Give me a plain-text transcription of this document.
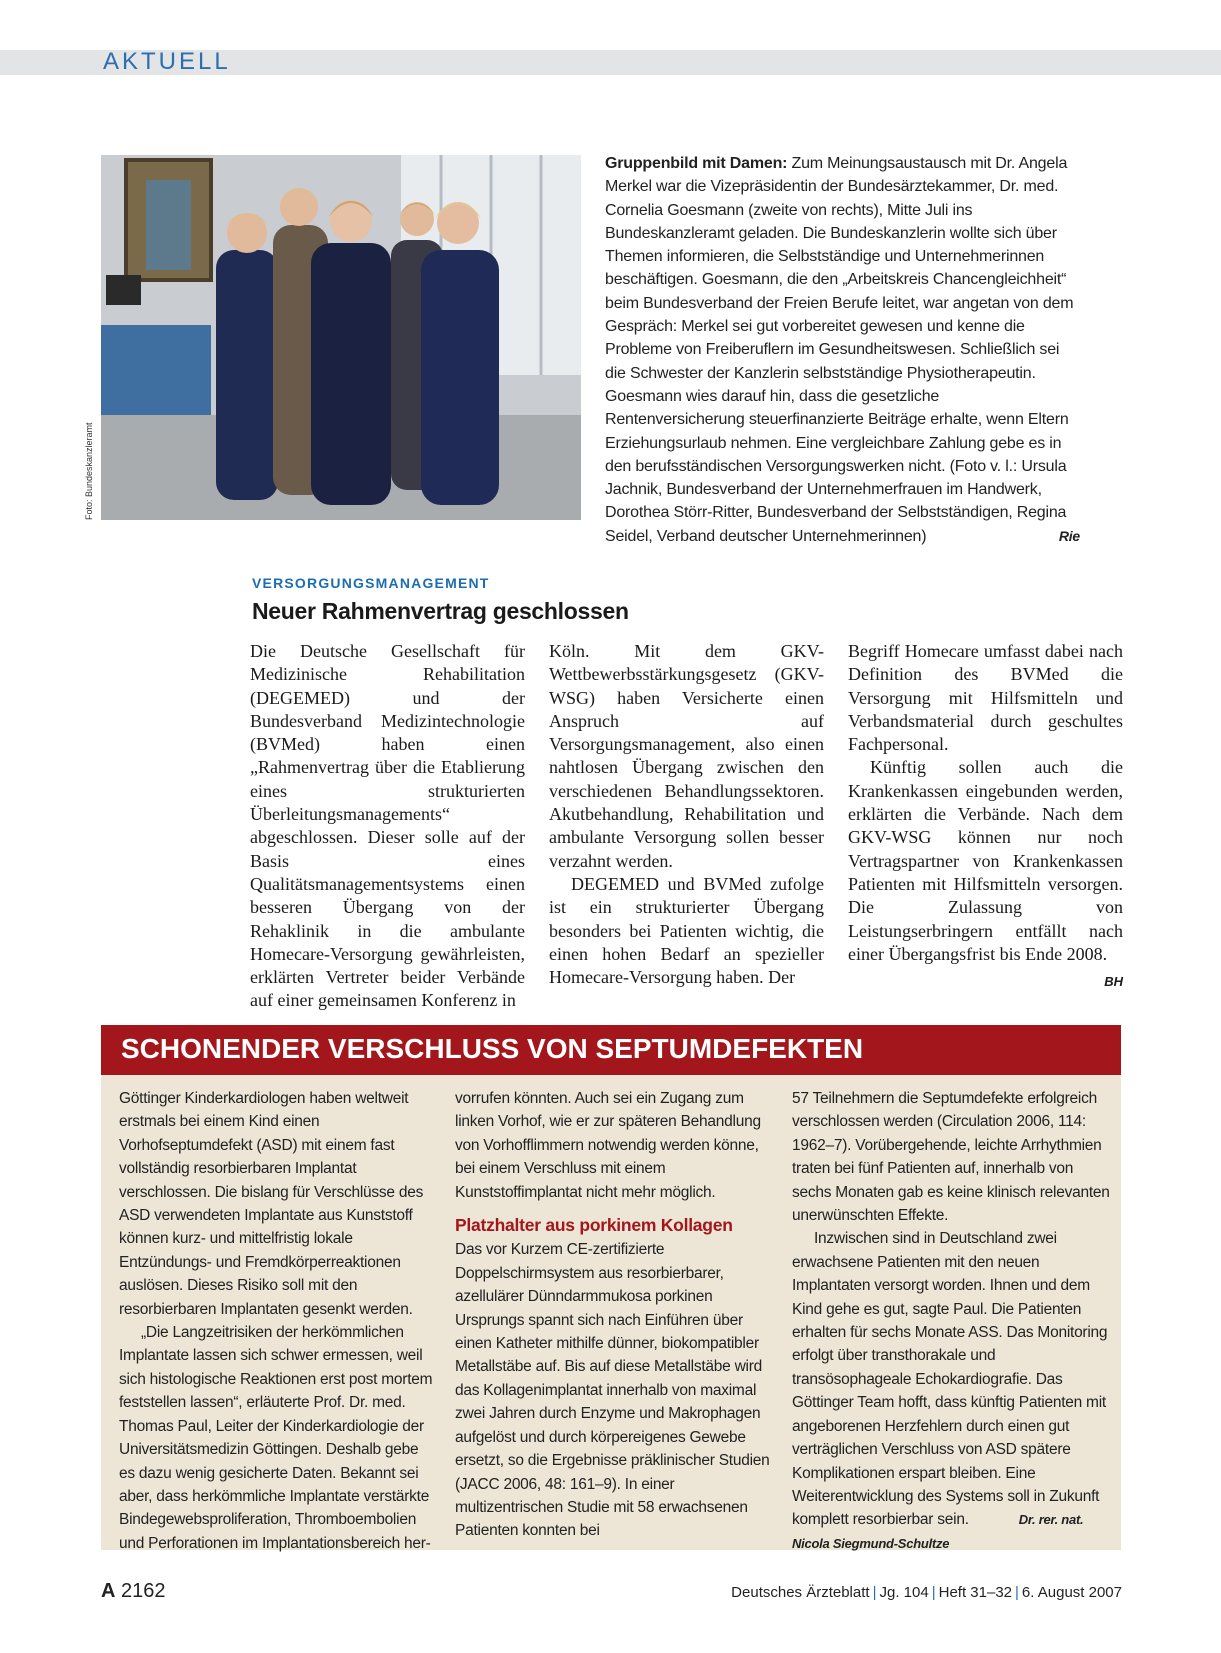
AKTUELL
Foto: Bundeskanzleramt
Gruppenbild mit Damen: Zum Meinungsaustausch mit Dr. Angela Merkel war die Vizepräsidentin der Bundesärztekammer, Dr. med. Cornelia Goesmann (zweite von rechts), Mitte Juli ins Bundeskanzleramt geladen. Die Bundeskanzlerin wollte sich über Themen informieren, die Selbstständige und Unternehmerinnen beschäftigen. Goesmann, die den „Arbeitskreis Chancengleichheit“ beim Bundesverband der Freien Berufe leitet, war angetan von dem Gespräch: Merkel sei gut vorbereitet gewesen und kenne die Probleme von Freiberuflern im Gesundheitswesen. Schließlich sei die Schwester der Kanzlerin selbstständige Physiotherapeutin. Goesmann wies darauf hin, dass die gesetzliche Rentenversicherung steuerfinanzierte Beiträge erhalte, wenn Eltern Erziehungsurlaub nehmen. Eine vergleichbare Zahlung gebe es in den berufsständischen Versorgungswerken nicht. (Foto v. l.: Ursula Jachnik, Bundesverband der Unternehmerfrauen im Handwerk, Dorothea Störr-Ritter, Bundesverband der Selbstständigen, Regina Seidel, Verband deutscher Unternehmerinnen)	Rie
VERSORGUNGSMANAGEMENT
Neuer Rahmenvertrag geschlossen

Die Deutsche Gesellschaft für Medizinische Rehabilitation (DEGEMED) und der Bundesverband Medizintechnologie (BVMed) haben einen „Rahmenvertrag über die Etablierung eines strukturierten Überleitungsmanagements“ abgeschlossen. Dieser solle auf der Basis eines Qualitätsmanagementsystems einen besseren Übergang von der Rehaklinik in die ambulante Homecare-Versorgung gewährleisten, erklärten Vertreter beider Verbände auf einer gemeinsamen Konferenz in

Köln. Mit dem GKV-Wettbewerbsstärkungsgesetz (GKV-WSG) haben Versicherte einen Anspruch auf Versorgungsmanagement, also einen nahtlosen Übergang zwischen den verschiedenen Behandlungssektoren. Akutbehandlung, Rehabilitation und ambulante Versorgung sollen besser verzahnt werden.

DEGEMED und BVMed zufolge ist ein strukturierter Übergang besonders bei Patienten wichtig, die einen hohen Bedarf an spezieller Homecare-Versorgung haben. Der

Begriff Homecare umfasst dabei nach Definition des BVMed die Versorgung mit Hilfsmitteln und Verbandsmaterial durch geschultes Fachpersonal.

Künftig sollen auch die Krankenkassen eingebunden werden, erklärten die Verbände. Nach dem GKV-WSG können nur noch Vertragspartner von Krankenkassen Patienten mit Hilfsmitteln versorgen. Die Zulassung von Leistungserbringern entfällt nach einer Übergangsfrist bis Ende 2008.
BH

SCHONENDER VERSCHLUSS VON SEPTUMDEFEKTEN

Göttinger Kinderkardiologen haben weltweit erstmals bei einem Kind einen Vorhofseptumdefekt (ASD) mit einem fast vollständig resorbierbaren Implantat verschlossen. Die bislang für Verschlüsse des ASD verwendeten Implantate aus Kunststoff können kurz- und mittelfristig lokale Entzündungs- und Fremdkörperreaktionen auslösen. Dieses Risiko soll mit den resorbierbaren Implantaten gesenkt werden.

„Die Langzeitrisiken der herkömmlichen Implantate lassen sich schwer ermessen, weil sich histologische Reaktionen erst post mortem feststellen lassen“, erläuterte Prof. Dr. med. Thomas Paul, Leiter der Kinderkardiologie der Universitätsmedizin Göttingen. Deshalb gebe es dazu wenig gesicherte Daten. Bekannt sei aber, dass herkömmliche Implantate verstärkte Bindegewebsproliferation, Thromboembolien und Perforationen im Implantationsbereich her-

vorrufen könnten. Auch sei ein Zugang zum linken Vorhof, wie er zur späteren Behandlung von Vorhofflimmern notwendig werden könne, bei einem Verschluss mit einem Kunststoffimplantat nicht mehr möglich.

Platzhalter aus porkinem Kollagen

Das vor Kurzem CE-zertifizierte Doppelschirmsystem aus resorbierbarer, azellulärer Dünndarmmukosa porkinen Ursprungs spannt sich nach Einführen über einen Katheter mithilfe dünner, biokompatibler Metallstäbe auf. Bis auf diese Metallstäbe wird das Kollagenimplantat innerhalb von maximal zwei Jahren durch Enzyme und Makrophagen aufgelöst und durch körpereigenes Gewebe ersetzt, so die Ergebnisse präklinischer Studien (JACC 2006, 48: 161–9). In einer multizentrischen Studie mit 58 erwachsenen Patienten konnten bei

57 Teilnehmern die Septumdefekte erfolgreich verschlossen werden (Circulation 2006, 114: 1962–7). Vorübergehende, leichte Arrhythmien traten bei fünf Patienten auf, innerhalb von sechs Monaten gab es keine klinisch relevanten unerwünschten Effekte.

Inzwischen sind in Deutschland zwei erwachsene Patienten mit den neuen Implantaten versorgt worden. Ihnen und dem Kind gehe es gut, sagte Paul. Die Patienten erhalten für sechs Monate ASS. Das Monitoring erfolgt über transthorakale und transösophageale Echokardiografie. Das Göttinger Team hofft, dass künftig Patienten mit angeborenen Herzfehlern durch einen gut verträglichen Verschluss von ASD spätere Komplikationen erspart bleiben. Eine Weiterentwicklung des Systems soll in Zukunft komplett resorbierbar sein.	Dr. rer. nat. Nicola Siegmund-Schultze

A 2162	Deutsches Ärzteblatt | Jg. 104 | Heft 31–32 | 6. August 2007
